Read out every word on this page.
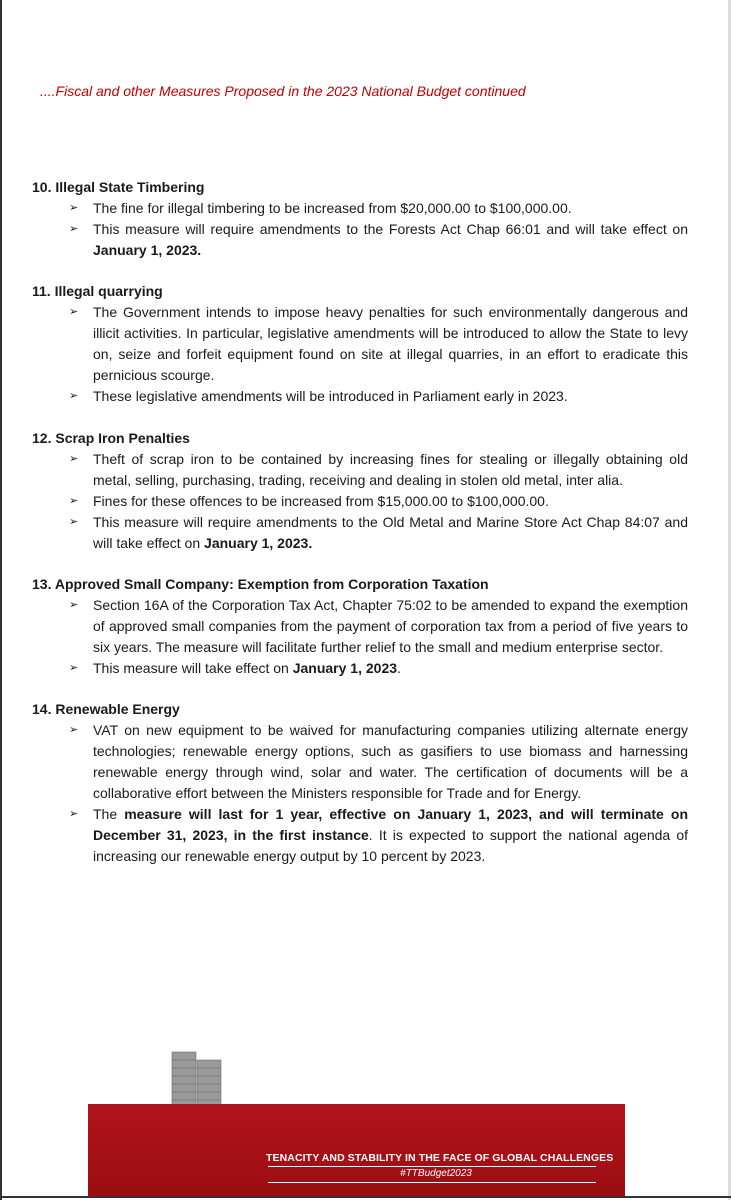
....Fiscal and other Measures Proposed in the 2023 National Budget continued

10. Illegal State Timbering

➢ The fine for illegal timbering to be increased from $20,000.00 to $100,000.00.
➢ This measure will require amendments to the Forests Act Chap 66:01 and will take effect on January 1, 2023.

11. Illegal quarrying

➢ The Government intends to impose heavy penalties for such environmentally dangerous and illicit activities. In particular, legislative amendments will be introduced to allow the State to levy on, seize and forfeit equipment found on site at illegal quarries, in an effort to eradicate this pernicious scourge.
➢ These legislative amendments will be introduced in Parliament early in 2023.

12. Scrap Iron Penalties

➢ Theft of scrap iron to be contained by increasing fines for stealing or illegally obtaining old metal, selling, purchasing, trading, receiving and dealing in stolen old metal, inter alia.
➢ Fines for these offences to be increased from $15,000.00 to $100,000.00.
➢ This measure will require amendments to the Old Metal and Marine Store Act Chap 84:07 and will take effect on January 1, 2023.

13. Approved Small Company: Exemption from Corporation Taxation

➢ Section 16A of the Corporation Tax Act, Chapter 75:02 to be amended to expand the exemption of approved small companies from the payment of corporation tax from a period of five years to six years. The measure will facilitate further relief to the small and medium enterprise sector.
➢ This measure will take effect on January 1, 2023.

14. Renewable Energy

➢ VAT on new equipment to be waived for manufacturing companies utilizing alternate energy technologies; renewable energy options, such as gasifiers to use biomass and harnessing renewable energy through wind, solar and water. The certification of documents will be a collaborative effort between the Ministers responsible for Trade and for Energy.
➢ The measure will last for 1 year, effective on January 1, 2023, and will terminate on December 31, 2023, in the first instance. It is expected to support the national agenda of increasing our renewable energy output by 10 percent by 2023.
TENACITY AND STABILITY IN THE FACE OF GLOBAL CHALLENGES
#TTBudget2023
